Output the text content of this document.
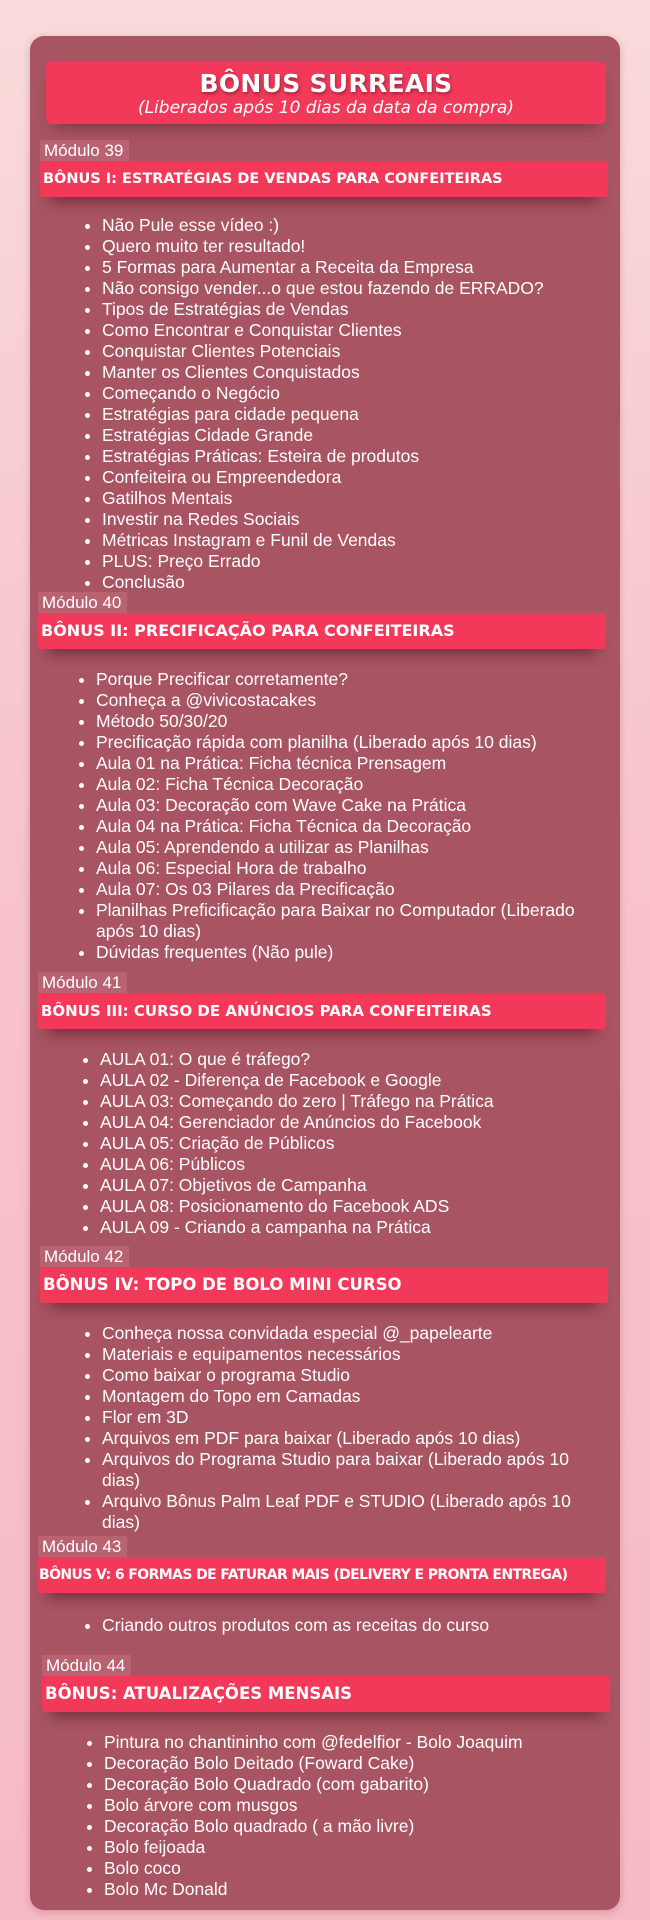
BÔNUS SURREAIS
(Liberados após 10 dias da data da compra)
Módulo 39
BÔNUS I: ESTRATÉGIAS DE VENDAS PARA CONFEITEIRAS
• Não Pule esse vídeo :)
• Quero muito ter resultado!
• 5 Formas para Aumentar a Receita da Empresa
• Não consigo vender...o que estou fazendo de ERRADO?
• Tipos de Estratégias de Vendas
• Como Encontrar e Conquistar Clientes
• Conquistar Clientes Potenciais
• Manter os Clientes Conquistados
• Começando o Negócio
• Estratégias para cidade pequena
• Estratégias Cidade Grande
• Estratégias Práticas: Esteira de produtos
• Confeiteira ou Empreendedora
• Gatilhos Mentais
• Investir na Redes Sociais
• Métricas Instagram e Funil de Vendas
• PLUS: Preço Errado
• Conclusão
Módulo 40
BÔNUS II: PRECIFICAÇÃO PARA CONFEITEIRAS
• Porque Precificar corretamente?
• Conheça a @vivicostacakes
• Método 50/30/20
• Precificação rápida com planilha (Liberado após 10 dias)
• Aula 01 na Prática: Ficha técnica Prensagem
• Aula 02: Ficha Técnica Decoração
• Aula 03: Decoração com Wave Cake na Prática
• Aula 04 na Prática: Ficha Técnica da Decoração
• Aula 05: Aprendendo a utilizar as Planilhas
• Aula 06: Especial Hora de trabalho
• Aula 07: Os 03 Pilares da Precificação
• Planilhas Preficificação para Baixar no Computador (Liberado após 10 dias)
• Dúvidas frequentes (Não pule)
Módulo 41
BÔNUS III: CURSO DE ANÚNCIOS PARA CONFEITEIRAS
• AULA 01: O que é tráfego?
• AULA 02 - Diferença de Facebook e Google
• AULA 03: Começando do zero | Tráfego na Prática
• AULA 04: Gerenciador de Anúncios do Facebook
• AULA 05: Criação de Públicos
• AULA 06: Públicos
• AULA 07: Objetivos de Campanha
• AULA 08: Posicionamento do Facebook ADS
• AULA 09 - Criando a campanha na Prática
Módulo 42
BÔNUS IV: TOPO DE BOLO MINI CURSO
• Conheça nossa convidada especial @_papelearte
• Materiais e equipamentos necessários
• Como baixar o programa Studio
• Montagem do Topo em Camadas
• Flor em 3D
• Arquivos em PDF para baixar (Liberado após 10 dias)
• Arquivos do Programa Studio para baixar (Liberado após 10 dias)
• Arquivo Bônus Palm Leaf PDF e STUDIO (Liberado após 10 dias)
Módulo 43
BÔNUS V: 6 FORMAS DE FATURAR MAIS (DELIVERY E PRONTA ENTREGA)
• Criando outros produtos com as receitas do curso
Módulo 44
BÔNUS: ATUALIZAÇÕES MENSAIS
• Pintura no chantininho com @fedelfior - Bolo Joaquim
• Decoração Bolo Deitado (Foward Cake)
• Decoração Bolo Quadrado (com gabarito)
• Bolo árvore com musgos
• Decoração Bolo quadrado ( a mão livre)
• Bolo feijoada
• Bolo coco
• Bolo Mc Donald
